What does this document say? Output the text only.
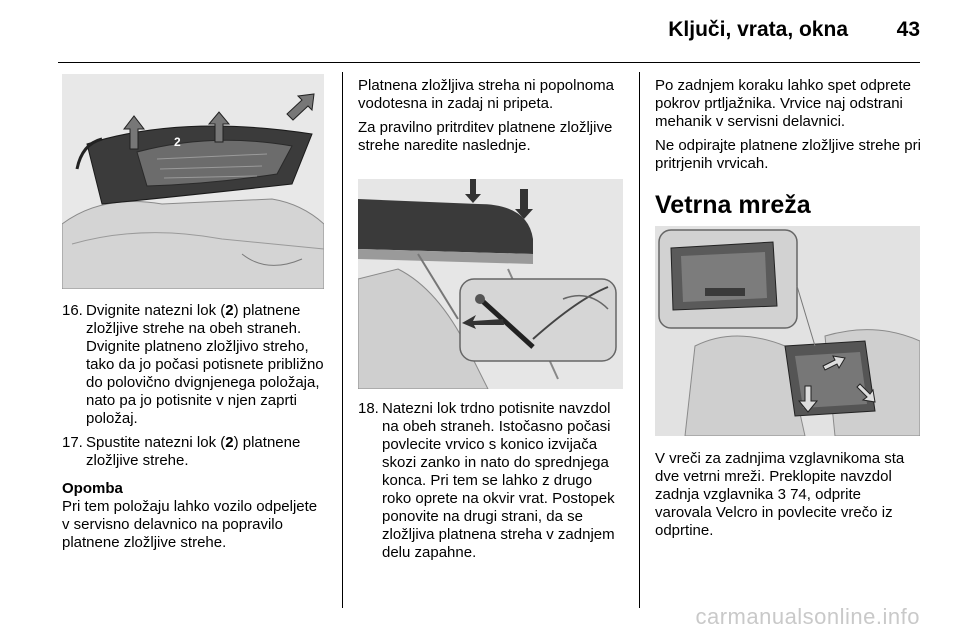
Ključi, vrata, okna 43
2
16. Dvignite natezni lok (2) platnene zložljive strehe na obeh straneh. Dvignite platneno zložljivo streho, tako da jo počasi potisnete približno do polovično dvignjenega položaja, nato pa jo potisnite v njen zaprti položaj.
17. Spustite natezni lok (2) platnene zložljive strehe.
Opomba
Pri tem položaju lahko vozilo odpeljete v servisno delavnico na popravilo platnene zložljive strehe.

Platnena zložljiva streha ni popolnoma vodotesna in zadaj ni pripeta.

Za pravilno pritrditev platnene zložljive strehe naredite naslednje.

18. Natezni lok trdno potisnite navzdol na obeh straneh. Istočasno počasi povlecite vrvico s konico izvijača skozi zanko in nato do sprednjega konca. Pri tem se lahko z drugo roko oprete na okvir vrat. Postopek ponovite na drugi strani, da se zložljiva platnena streha v zadnjem delu zapahne.

Po zadnjem koraku lahko spet odprete pokrov prtljažnika. Vrvice naj odstrani mehanik v servisni delavnici.

Ne odpirajte platnene zložljive strehe pri pritrjenih vrvicah.

Vetrna mreža

V vreči za zadnjima vzglavnikoma sta dve vetrni mreži. Preklopite navzdol zadnja vzglavnika 3 74, odprite varovala Velcro in povlecite vrečo iz odprtine.

carmanualsonline.info
